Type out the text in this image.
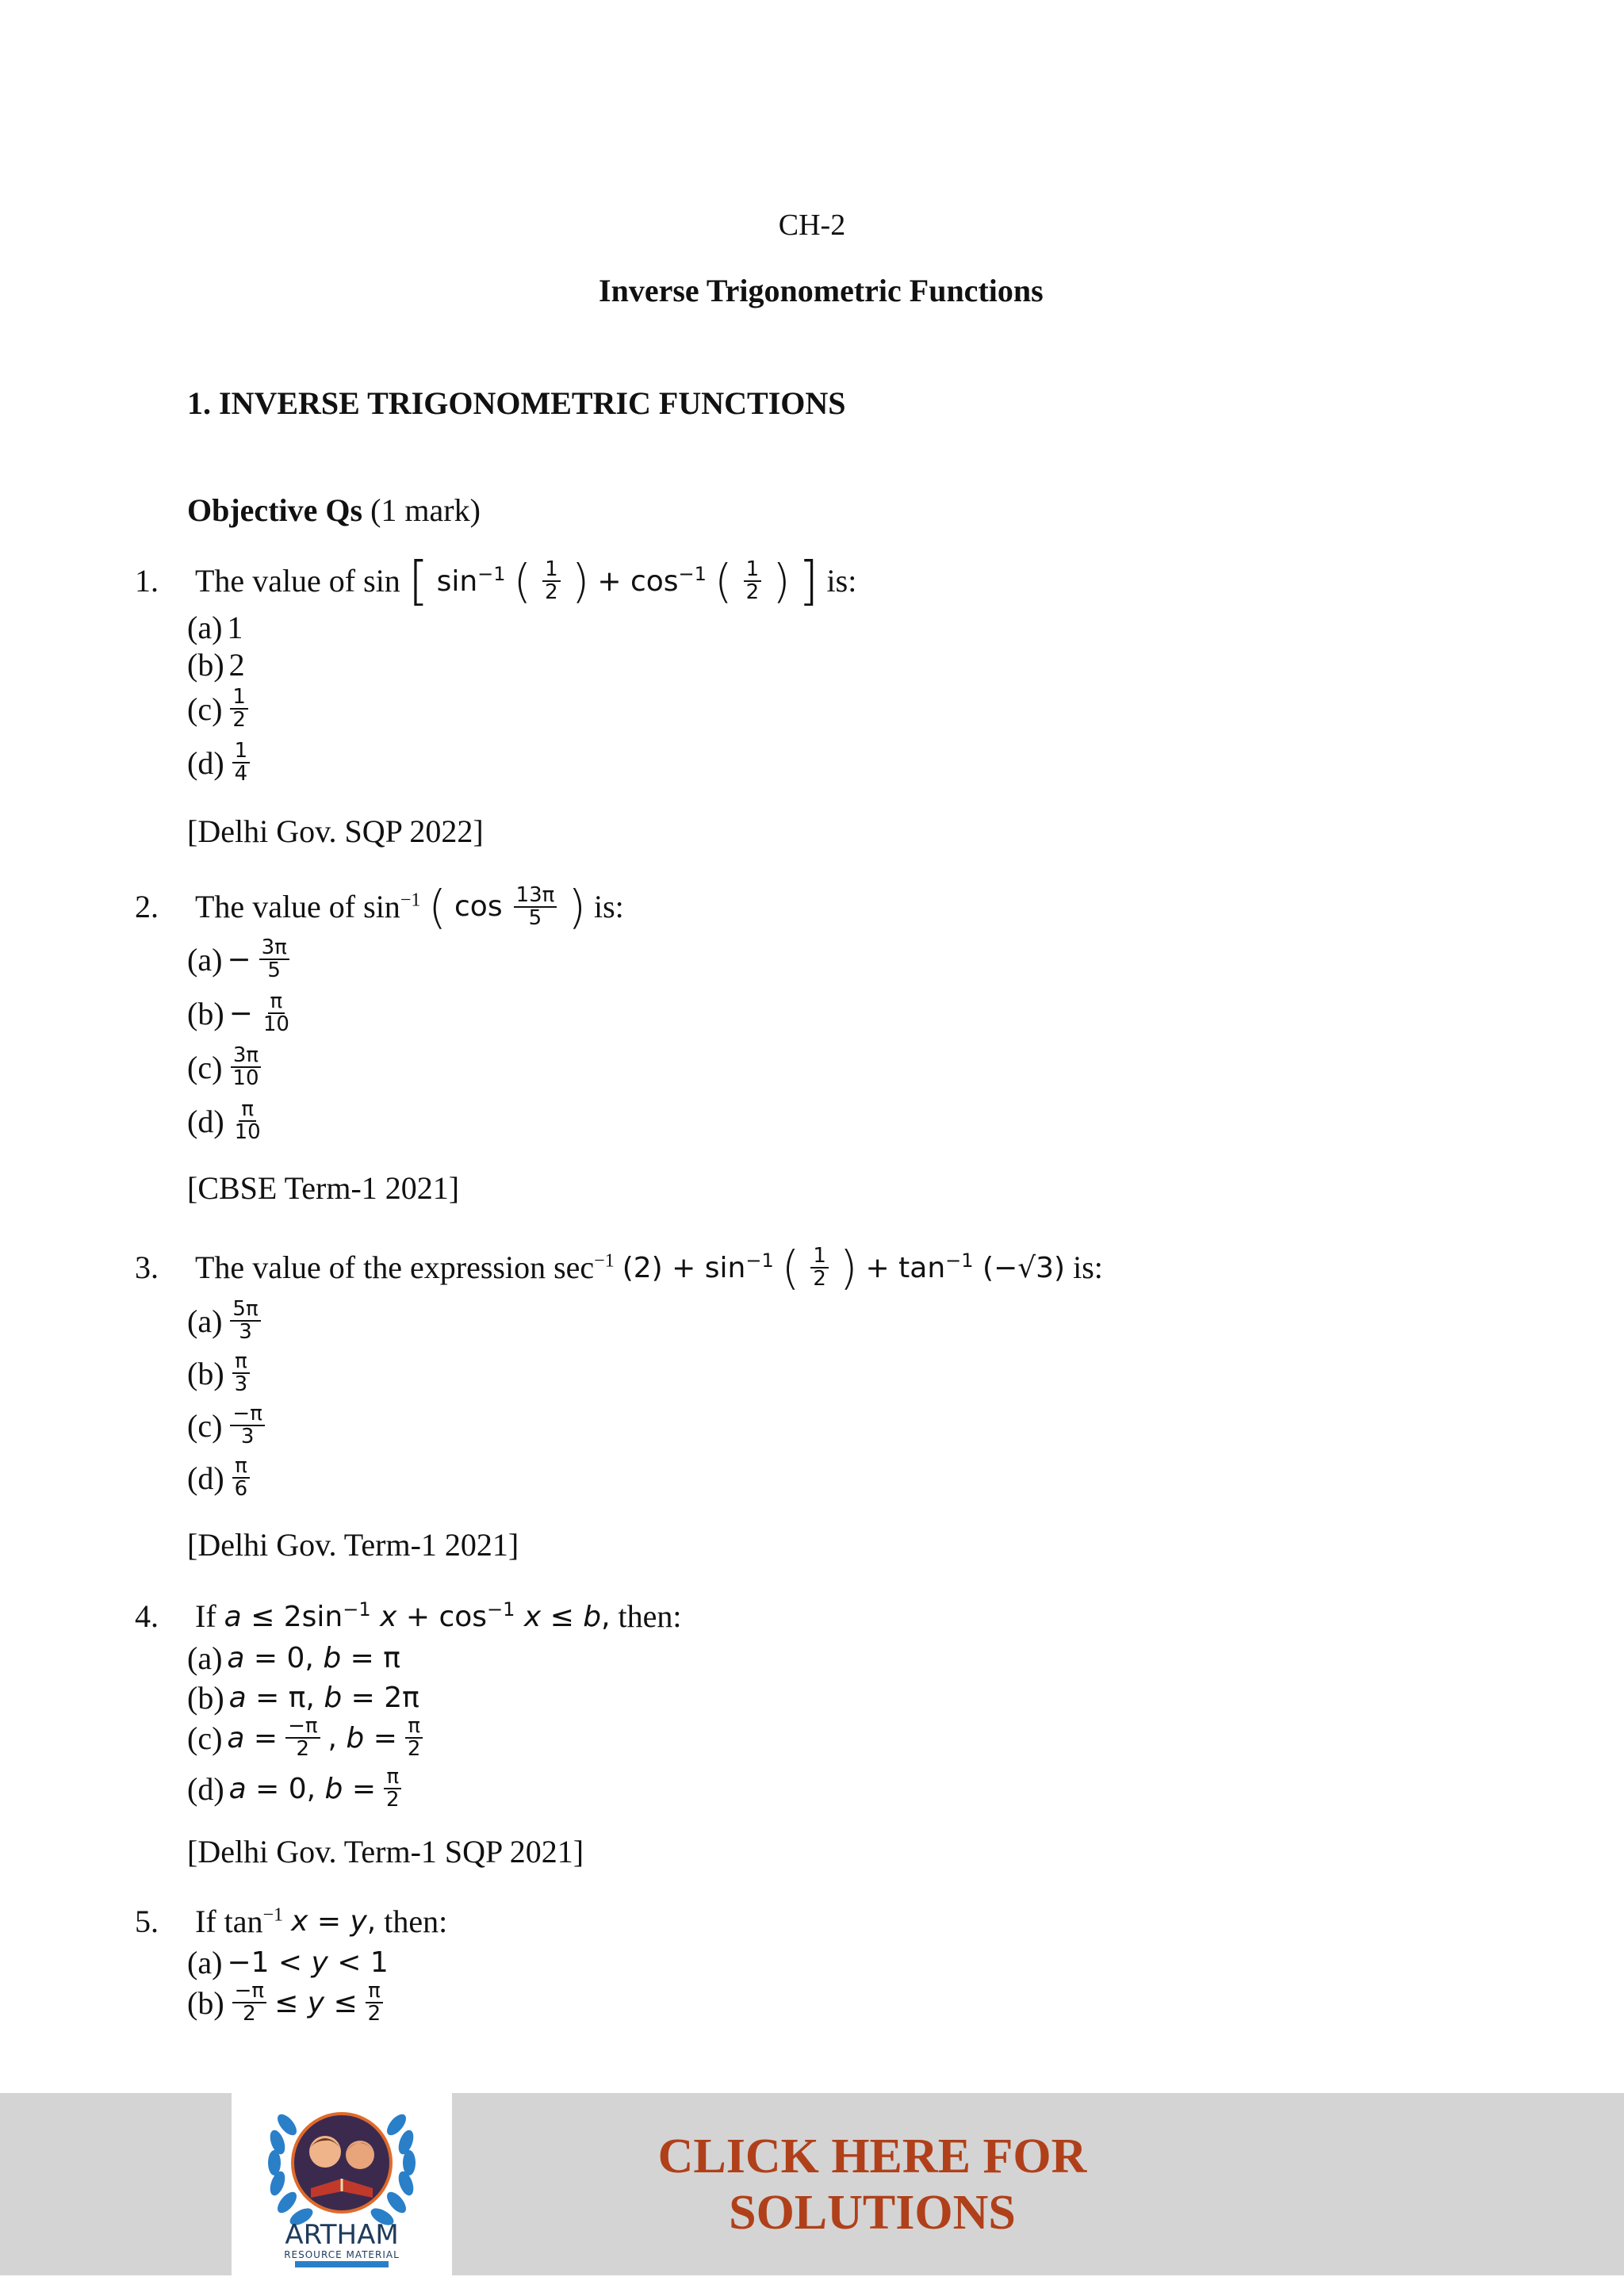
CH-2
Inverse Trigonometric Functions
1. INVERSE TRIGONOMETRIC FUNCTIONS
Objective Qs (1 mark)
1. The value of sin [ $\sin^{-1}$ ( $\frac{1}{2}$ ) + $\cos^{-1}$ ( $\frac{1}{2}$ ) ] is:
(a) 1
(b) 2
$(c) \frac{1}{2}$
$(d) \frac{1}{4}$
[Delhi Gov. SQP 2022]
2. The value of $\sin^{-1}$ ( $\cos \frac{13\pi}{5}$ ) is:
$(a) - \frac{3\pi}{5}$
$(b) - \frac{\pi}{10}$
$(c) \frac{3\pi}{10}$
$(d) \frac{\pi}{10}$
[CBSE Term-1 2021]
3. The value of the expression $\sec^{-1} (2) + \sin^{-1}$ ( $\frac{1}{2}$ ) + $\tan^{-1} (-√3)$ is:
$(a) \frac{5\pi}{3}$
$(b) \frac{\pi}{3}$
$(c) \frac{-\pi}{3}$
$(d) \frac{\pi}{6}$
[Delhi Gov. Term-1 2021]
4. If $a \le 2\sin^{-1}$ $x + \cos^{-1} x \le b$, then:
(a) a = 0, b = π
(b) a = π, b = 2π
(c) $a = \frac{-\pi}{2}$ , $b = \frac{\pi}{2}$
(d) a = 0, $b = \frac{\pi}{2}$
[Delhi Gov. Term-1 SQP 2021]
5. If $\tan^{-1} x = y$, then:
(a) −1 < y < 1
$(b) \frac{-\pi}{2} \le y \le \frac{\pi}{2}$
ARTHAM
RESOURCE MATERIAL
CLICK HERE FOR SOLUTIONS
